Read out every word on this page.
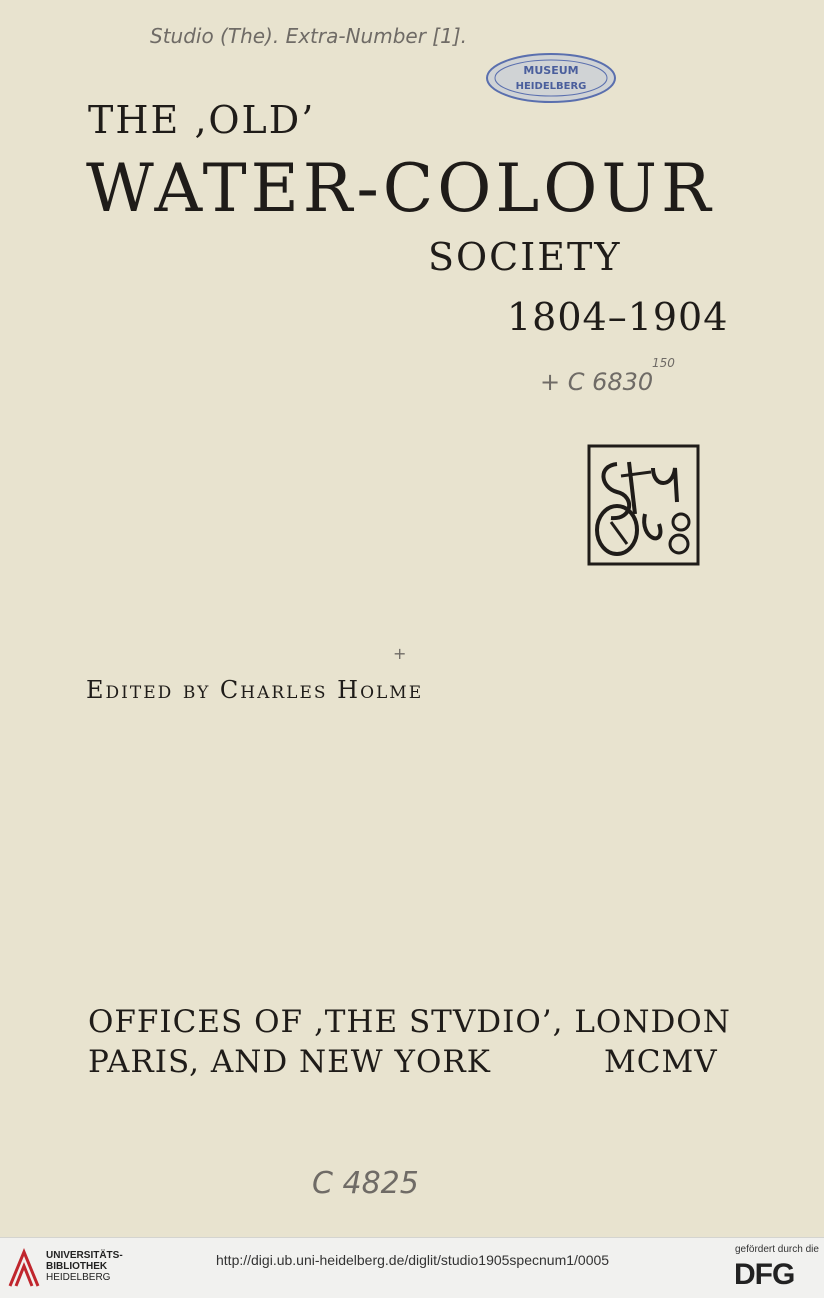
Studio (The). Extra-Number [1].
MUSEUM
HEIDELBERG
THE ‚OLD’
WATER-COLOUR
SOCIETY
1804–1904
+ C 6830
150
+
Edited by Charles Holme
OFFICES OF ‚THE STVDIO’, LONDON
PARIS, AND NEW YORK	MCMV
C 4825
UNIVERSITÄTS-
BIBLIOTHEK
HEIDELBERG
http://digi.ub.uni-heidelberg.de/diglit/studio1905specnum1/0005
gefördert durch die
DFG
